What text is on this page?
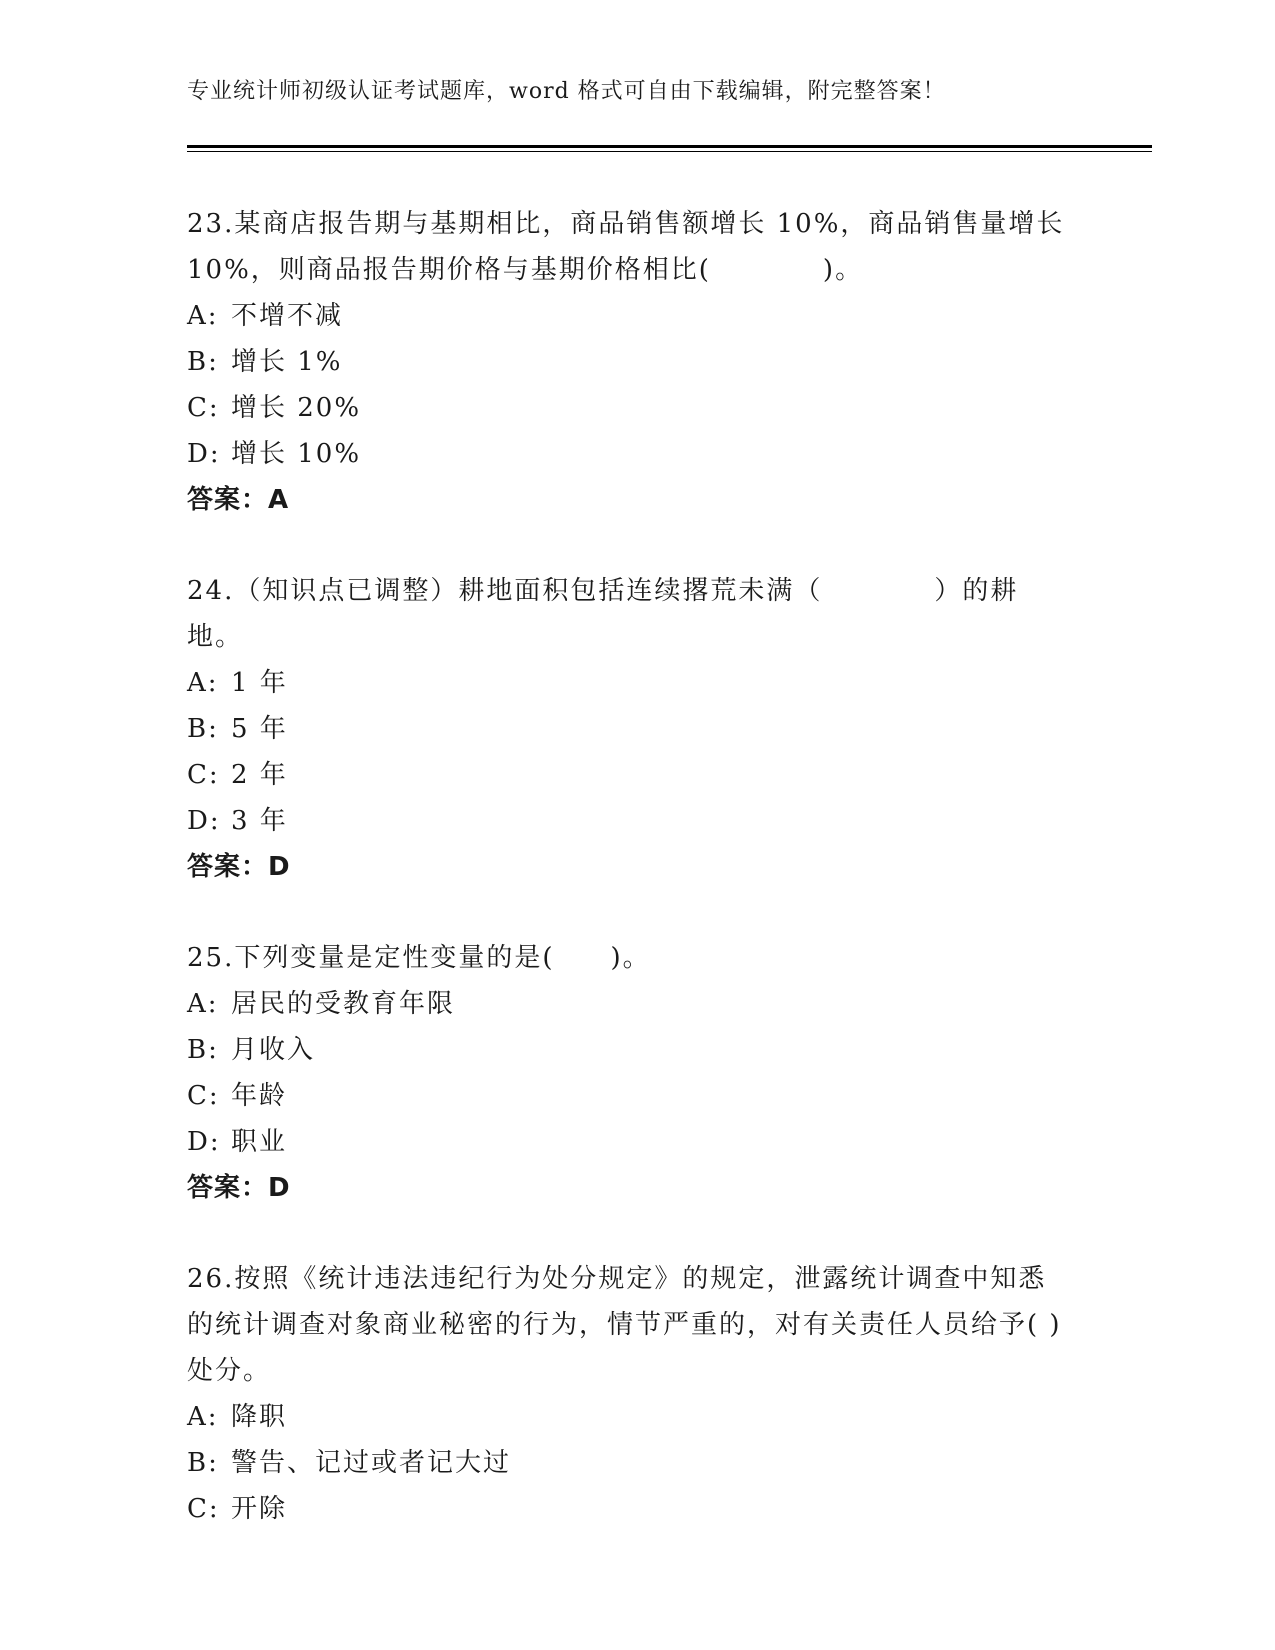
专业统计师初级认证考试题库，word 格式可自由下载编辑，附完整答案！

23.某商店报告期与基期相比，商品销售额增长 10%，商品销售量增长 10%，则商品报告期价格与基期价格相比(　　　　)。

A: 不增不减
B: 增长 1%
C: 增长 20%
D: 增长 10%
答案：A

24.（知识点已调整）耕地面积包括连续撂荒未满（　　　　）的耕地。

A: 1 年
B: 5 年
C: 2 年
D: 3 年
答案：D

25.下列变量是定性变量的是(　　)。

A: 居民的受教育年限
B: 月收入
C: 年龄
D: 职业
答案：D

26.按照《统计违法违纪行为处分规定》的规定，泄露统计调查中知悉的统计调查对象商业秘密的行为，情节严重的，对有关责任人员给予( )处分。

A: 降职
B: 警告、记过或者记大过
C: 开除
